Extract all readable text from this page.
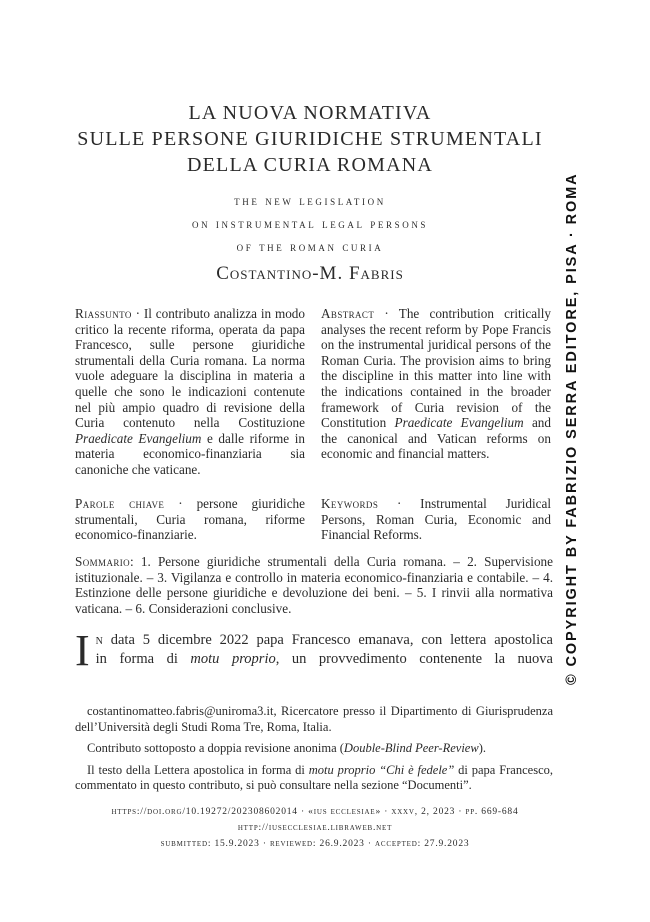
LA NUOVA NORMATIVA
SULLE PERSONE GIURIDICHE STRUMENTALI
DELLA CURIA ROMANA
the new legislation
on instrumental legal persons
of the roman curia
Costantino-M. Fabris
Riassunto · Il contributo analizza in modo critico la recente riforma, operata da papa Francesco, sulle persone giuridiche strumentali della Curia romana. La norma vuole adeguare la disciplina in materia a quelle che sono le indicazioni contenute nel più ampio quadro di revisione della Curia contenuto nella Costituzione Praedicate Evangelium e dalle riforme in materia economico-finanziaria sia canoniche che vaticane.
Abstract · The contribution critically analyses the recent reform by Pope Francis on the instrumental juridical persons of the Roman Curia. The provision aims to bring the discipline in this matter into line with the indications contained in the broader framework of Curia revision of the Constitution Praedicate Evangelium and the canonical and Vatican reforms on economic and financial matters.
Parole chiave · persone giuridiche strumentali, Curia romana, riforme economico-finanziarie.
Keywords · Instrumental Juridical Persons, Roman Curia, Economic and Financial Reforms.
Sommario: 1. Persone giuridiche strumentali della Curia romana. – 2. Supervisione istituzionale. – 3. Vigilanza e controllo in materia economico-finanziaria e contabile. – 4. Estinzione delle persone giuridiche e devoluzione dei beni. – 5. I rinvii alla normativa vaticana. – 6. Considerazioni conclusive.
I n data 5 dicembre 2022 papa Francesco emanava, con lettera apostolica
in forma di motu proprio, un provvedimento contenente la nuova

costantinomatteo.fabris@uniroma3.it, Ricercatore presso il Dipartimento di Giurisprudenza dell’Università degli Studi Roma Tre, Roma, Italia.

Contributo sottoposto a doppia revisione anonima (Double-Blind Peer-Review).

Il testo della Lettera apostolica in forma di motu proprio “Chi è fedele” di papa Francesco, commentato in questo contributo, si può consultare nella sezione “Documenti”.

https://doi.org/10.19272/202308602014 · «ius ecclesiae» · xxxv, 2, 2023 · pp. 669-684
http://iusecclesiae.libraweb.net
submitted: 15.9.2023 · reviewed: 26.9.2023 · accepted: 27.9.2023
© COPYRIGHT BY FABRIZIO SERRA EDITORE, PISA · ROMA
